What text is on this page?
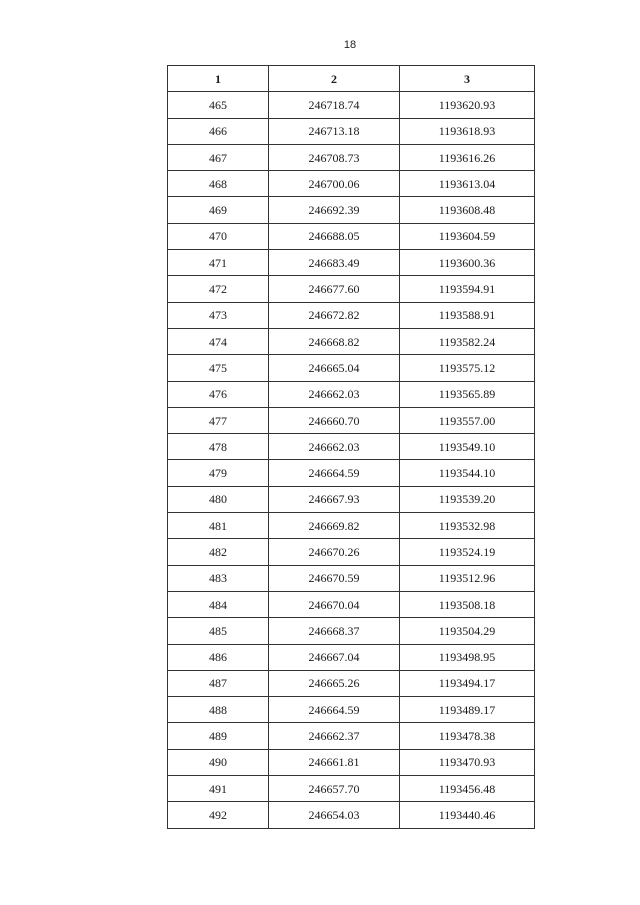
18
1	2	3
465	246718.74	1193620.93
466	246713.18	1193618.93
467	246708.73	1193616.26
468	246700.06	1193613.04
469	246692.39	1193608.48
470	246688.05	1193604.59
471	246683.49	1193600.36
472	246677.60	1193594.91
473	246672.82	1193588.91
474	246668.82	1193582.24
475	246665.04	1193575.12
476	246662.03	1193565.89
477	246660.70	1193557.00
478	246662.03	1193549.10
479	246664.59	1193544.10
480	246667.93	1193539.20
481	246669.82	1193532.98
482	246670.26	1193524.19
483	246670.59	1193512.96
484	246670.04	1193508.18
485	246668.37	1193504.29
486	246667.04	1193498.95
487	246665.26	1193494.17
488	246664.59	1193489.17
489	246662.37	1193478.38
490	246661.81	1193470.93
491	246657.70	1193456.48
492	246654.03	1193440.46
